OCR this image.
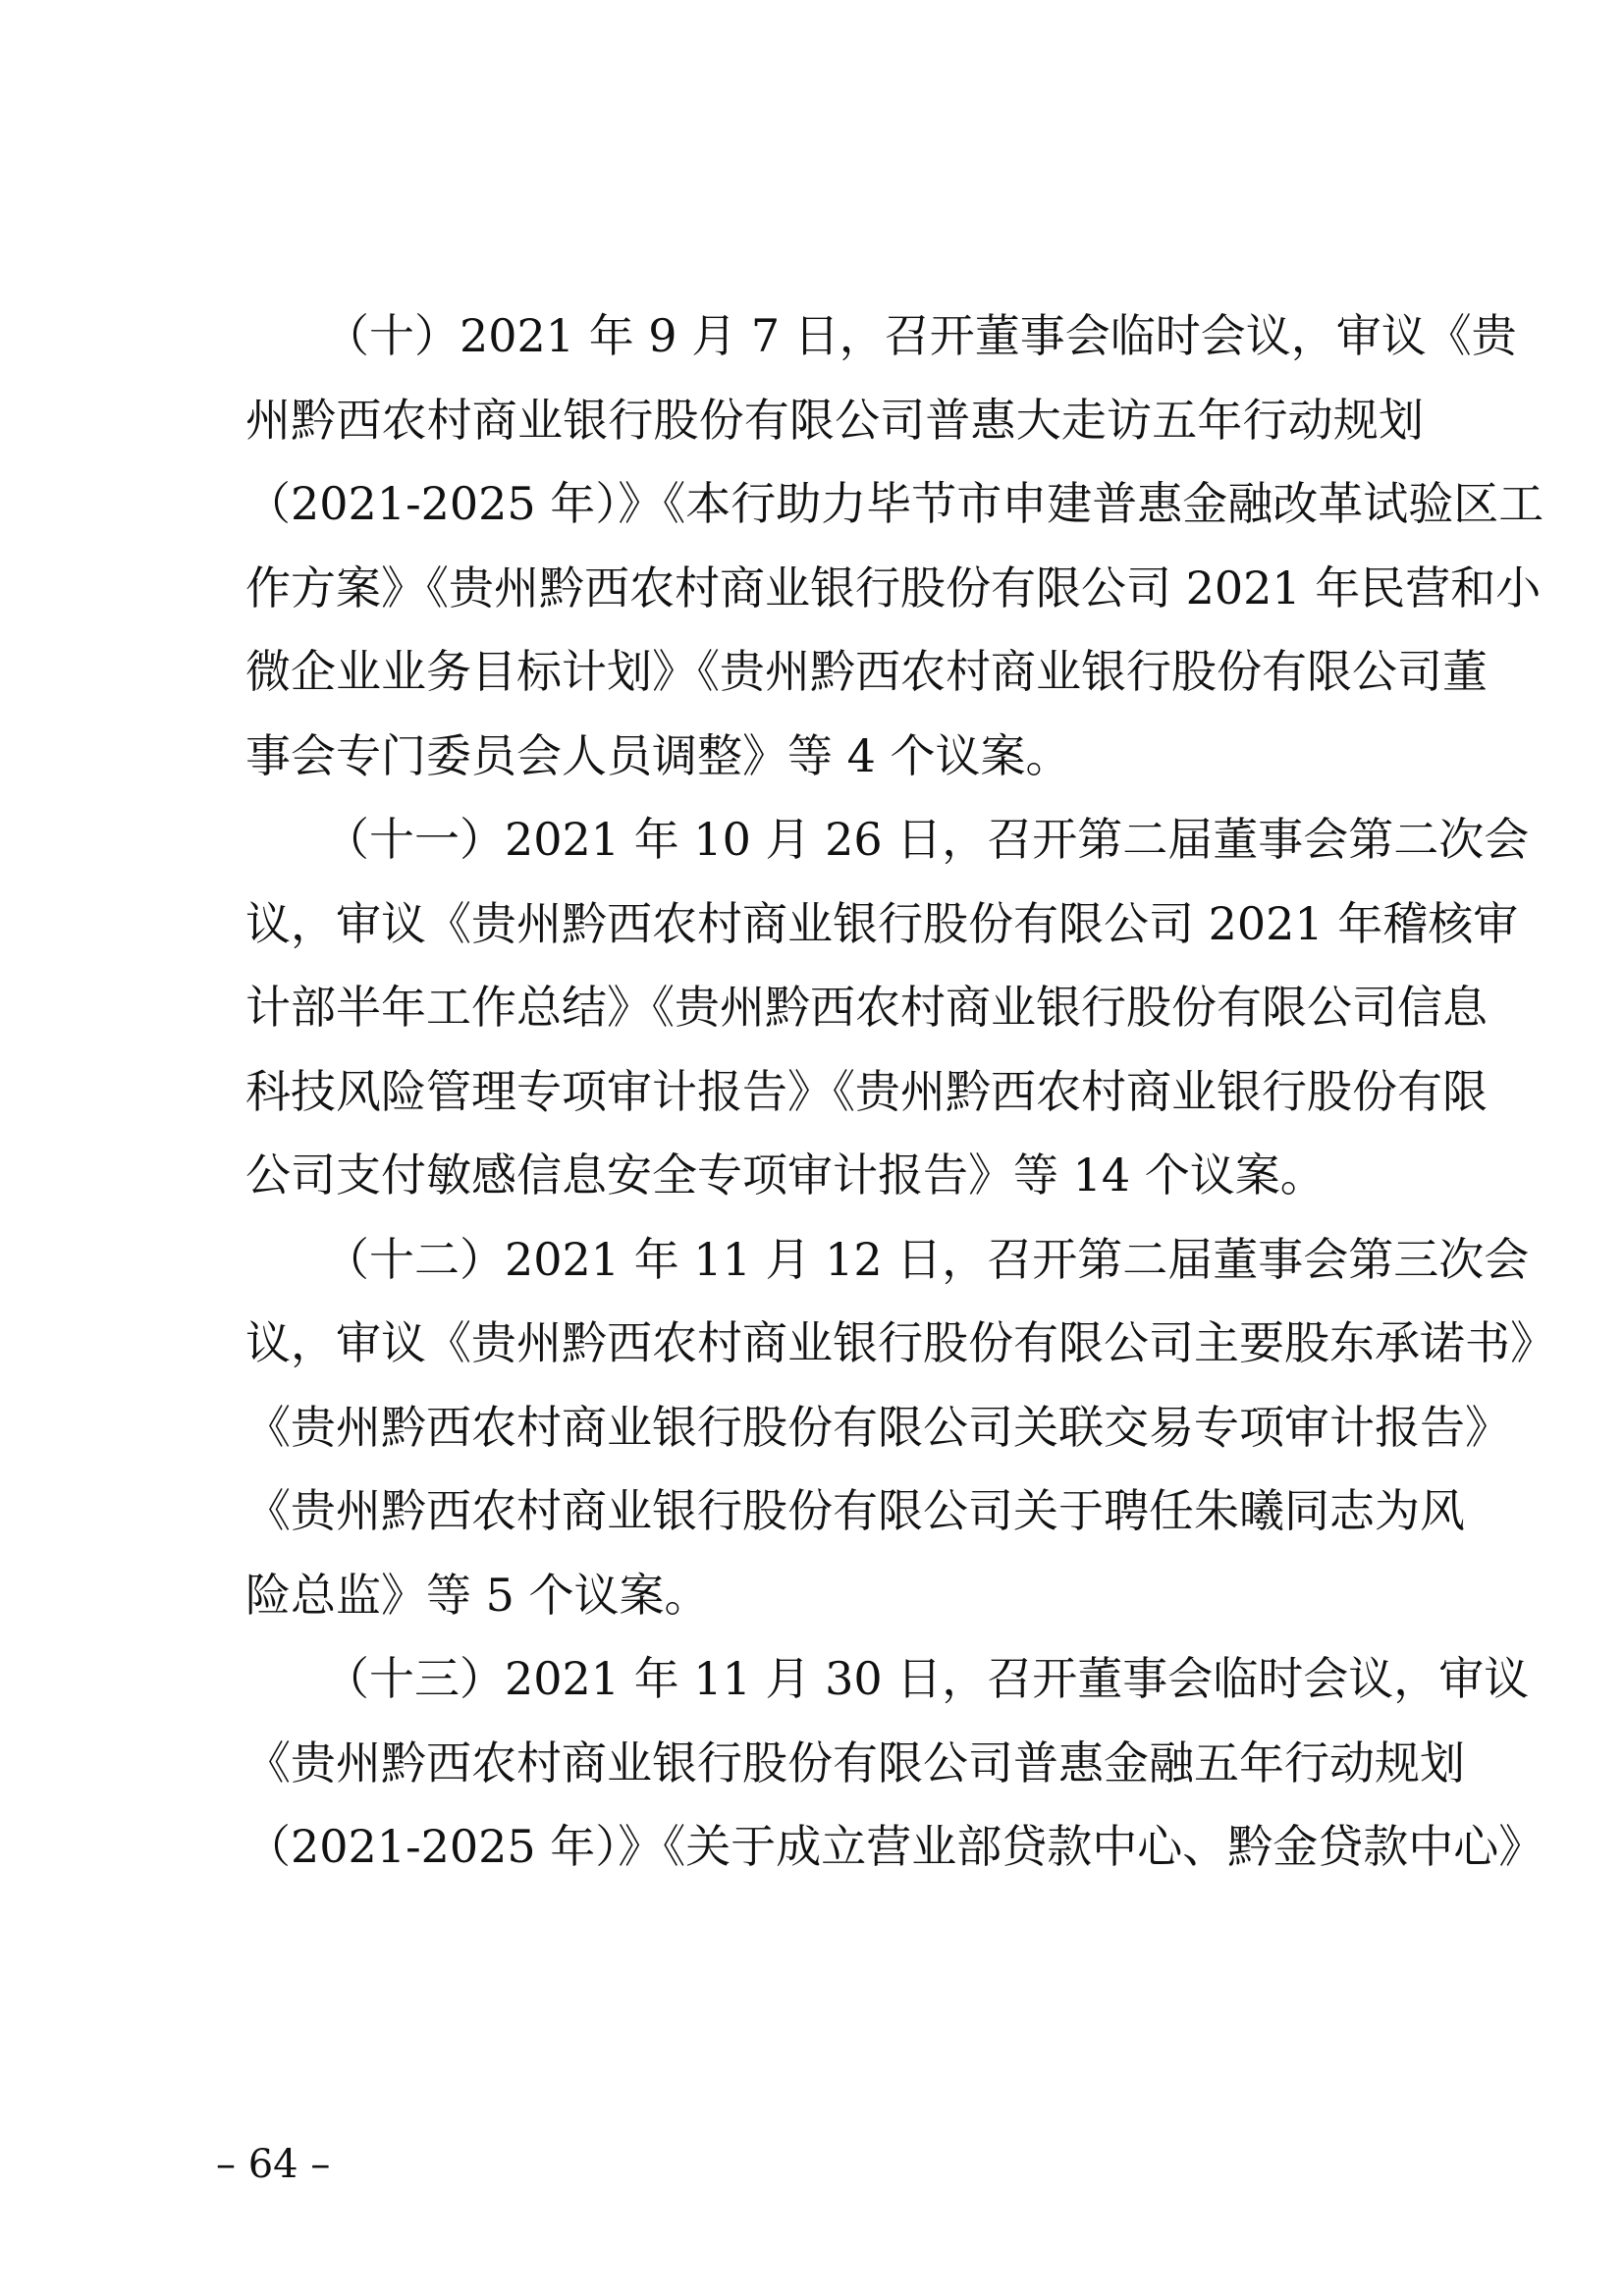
（十）2021 年 9 月 7 日，召开董事会临时会议，审议《贵
州黔西农村商业银行股份有限公司普惠大走访五年行动规划
（2021-2025 年）》《本行助力毕节市申建普惠金融改革试验区工
作方案》《贵州黔西农村商业银行股份有限公司 2021 年民营和小
微企业业务目标计划》《贵州黔西农村商业银行股份有限公司董
事会专门委员会人员调整》等 4 个议案。
（十一）2021 年 10 月 26 日，召开第二届董事会第二次会
议，审议《贵州黔西农村商业银行股份有限公司 2021 年稽核审
计部半年工作总结》《贵州黔西农村商业银行股份有限公司信息
科技风险管理专项审计报告》《贵州黔西农村商业银行股份有限
公司支付敏感信息安全专项审计报告》等 14 个议案。
（十二）2021 年 11 月 12 日，召开第二届董事会第三次会
议，审议《贵州黔西农村商业银行股份有限公司主要股东承诺书》
《贵州黔西农村商业银行股份有限公司关联交易专项审计报告》
《贵州黔西农村商业银行股份有限公司关于聘任朱曦同志为风
险总监》等 5 个议案。
（十三）2021 年 11 月 30 日，召开董事会临时会议，审议
《贵州黔西农村商业银行股份有限公司普惠金融五年行动规划
（2021-2025 年）》《关于成立营业部贷款中心、黔金贷款中心》
– 64 –
